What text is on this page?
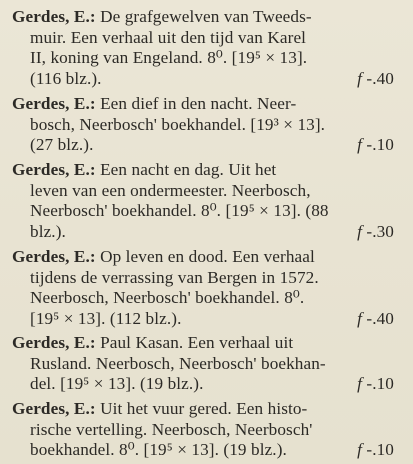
Gerdes, E.: De grafgewelven van Tweeds-
muir. Een verhaal uit den tijd van Karel
II, koning van Engeland. 8⁰. [19⁵ × 13].
(116 blz.).	f -.40
Gerdes, E.: Een dief in den nacht. Neer-
bosch, Neerbosch' boekhandel. [19³ × 13].
(27 blz.).	f -.10
Gerdes, E.: Een nacht en dag. Uit het
leven van een ondermeester. Neerbosch,
Neerbosch' boekhandel. 8⁰. [19⁵ × 13]. (88
blz.).	f -.30
Gerdes, E.: Op leven en dood. Een verhaal
tijdens de verrassing van Bergen in 1572.
Neerbosch, Neerbosch' boekhandel. 8⁰.
[19⁵ × 13]. (112 blz.).	f -.40
Gerdes, E.: Paul Kasan. Een verhaal uit
Rusland. Neerbosch, Neerbosch' boekhan-
del. [19⁵ × 13]. (19 blz.).	f -.10
Gerdes, E.: Uit het vuur gered. Een histo-
rische vertelling. Neerbosch, Neerbosch'
boekhandel. 8⁰. [19⁵ × 13]. (19 blz.).	f -.10
